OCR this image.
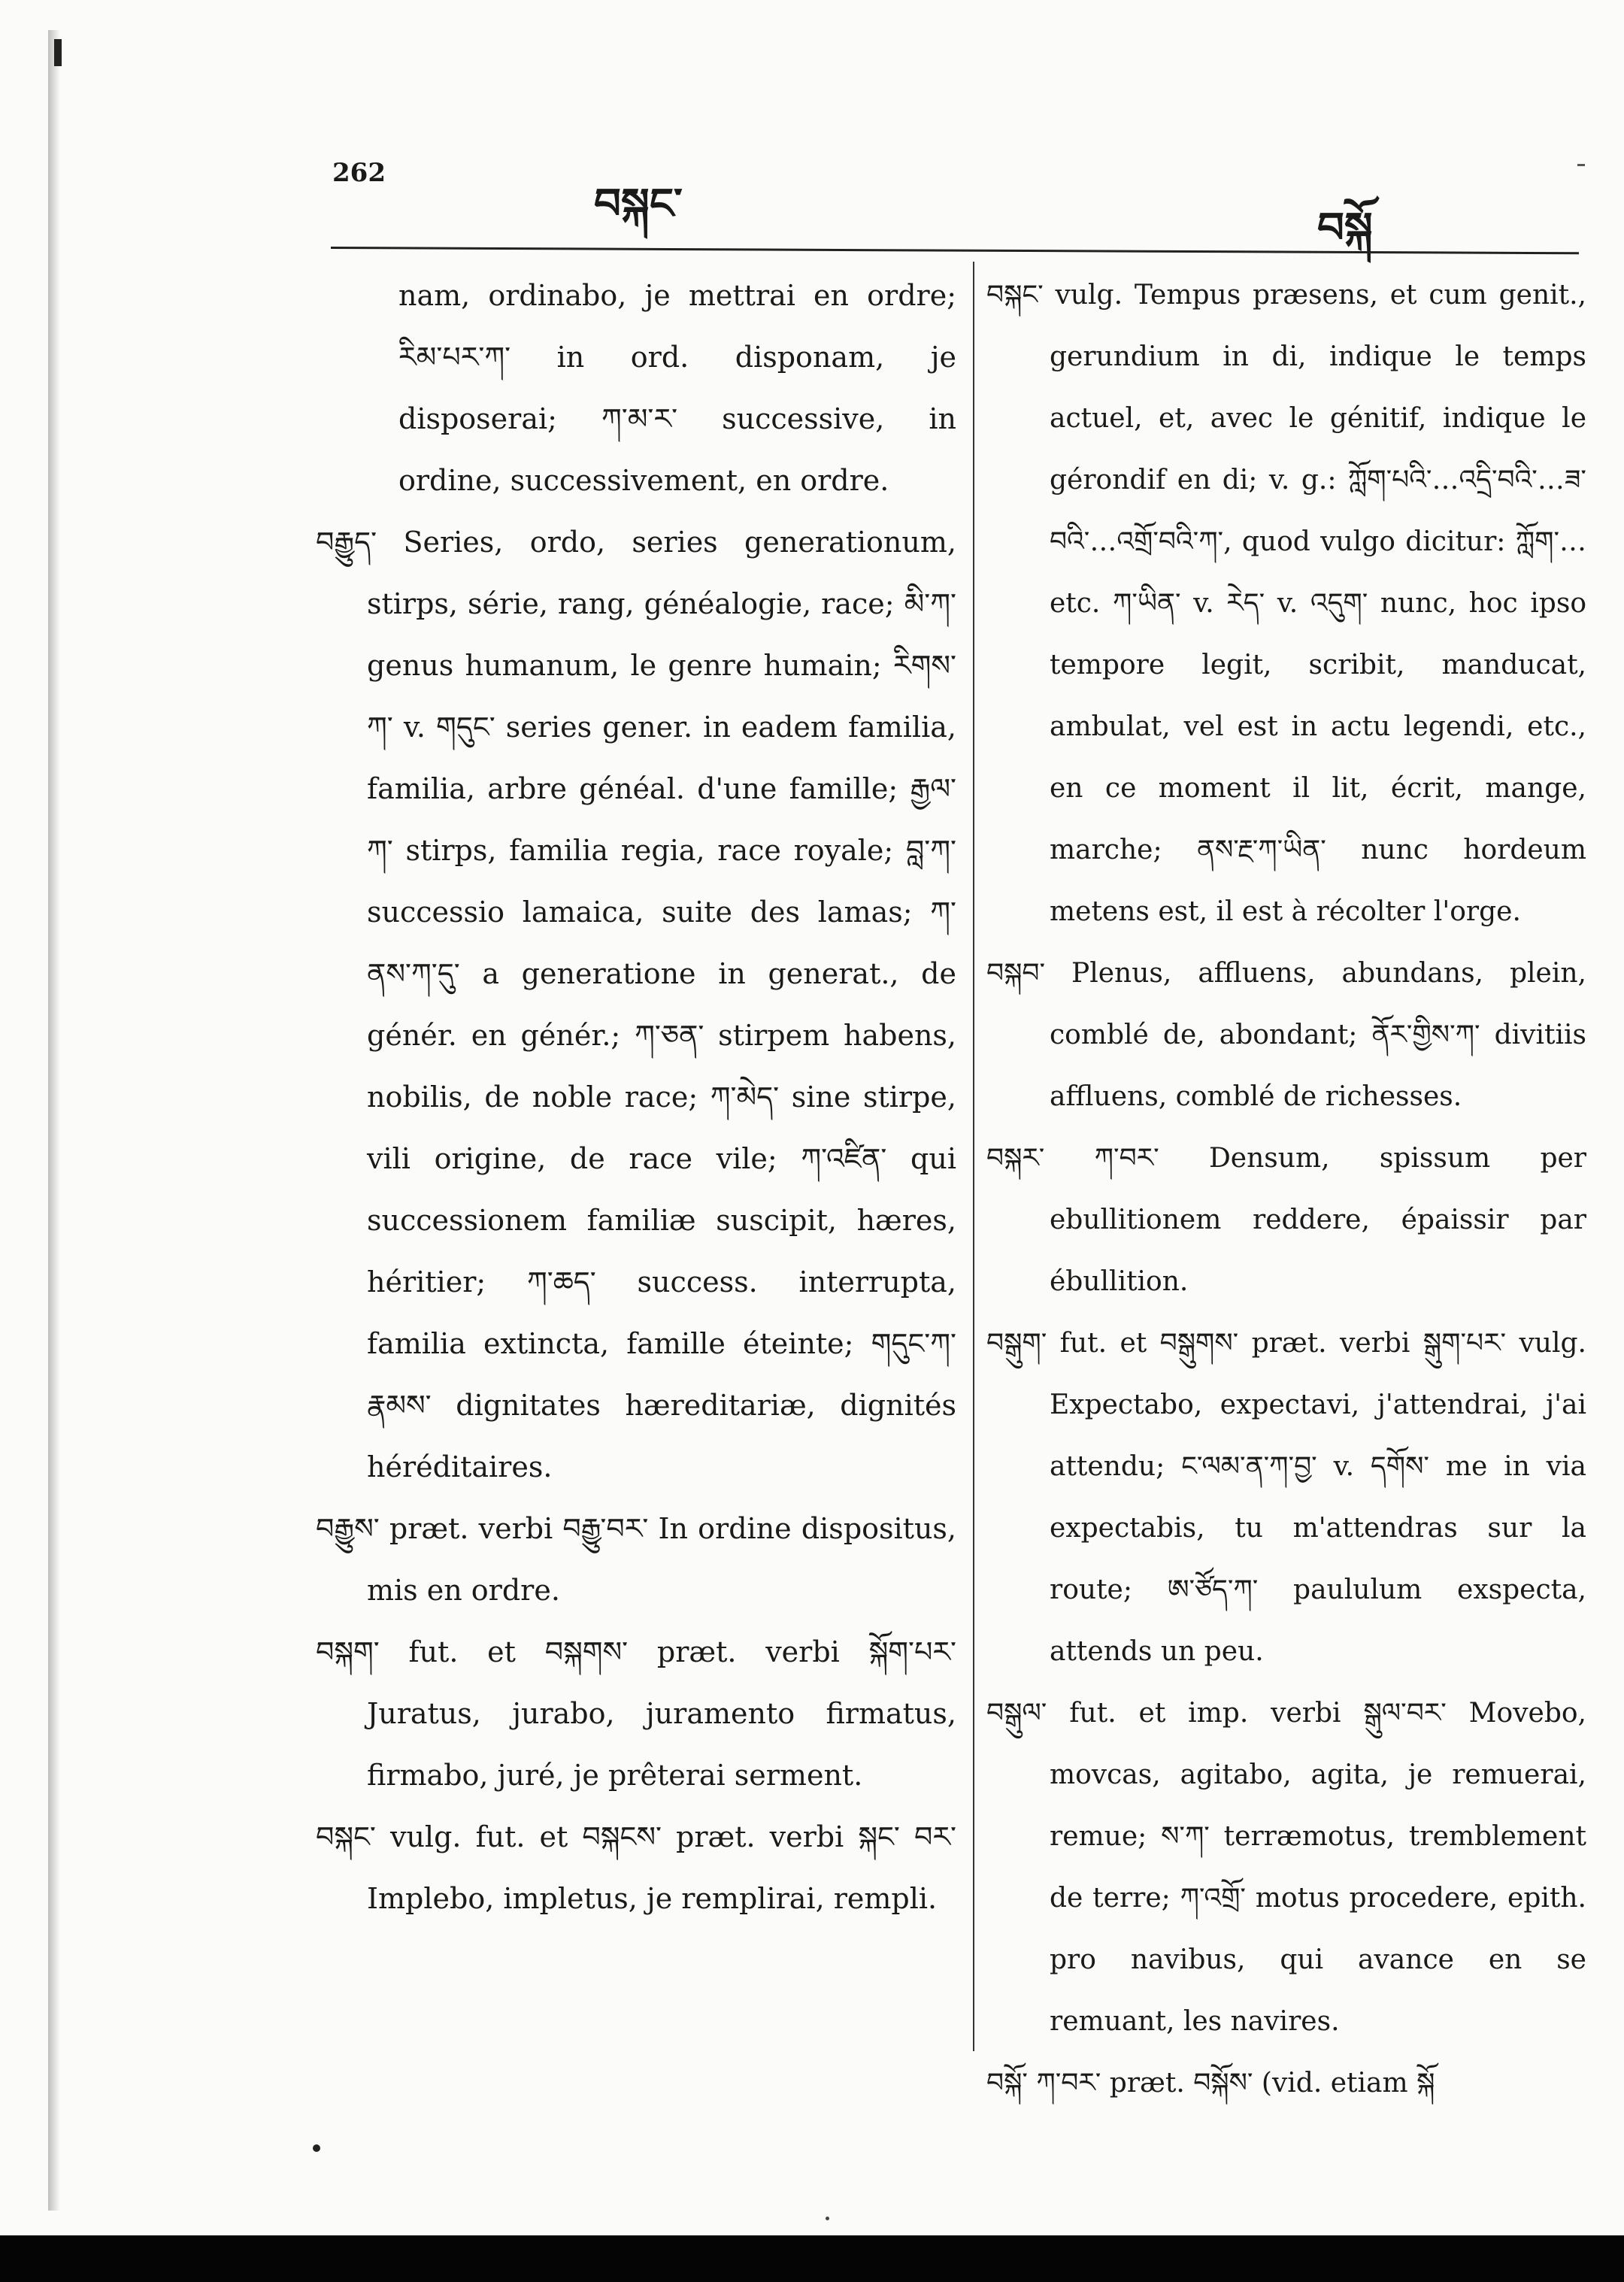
262
བསྐང་	བསྐོ

nam, ordinabo, je mettrai en ordre; རིམ་པར་ཀ་ in ord. disponam, je disposerai; ཀ་མ་ར་ successive, in ordine, successivement, en ordre.

བརྒྱུད་ Series, ordo, series generationum, stirps, série, rang, généalogie, race; མི་ཀ་ genus humanum, le genre humain; རིགས་ཀ་ v. གདུང་ series gener. in eadem familia, familia, arbre généal. d'une famille; རྒྱལ་ཀ་ stirps, familia regia, race royale; བླ་ཀ་ successio lamaica, suite des lamas; ཀ་ནས་ཀ་དུ་ a generatione in generat., de génér. en génér.; ཀ་ཅན་ stirpem habens, nobilis, de noble race; ཀ་མེད་ sine stirpe, vili origine, de race vile; ཀ་འཛིན་ qui successionem familiæ suscipit, hæres, héritier; ཀ་ཆད་ success. interrupta, familia extincta, famille éteinte; གདུང་ཀ་ རྣམས་ dignitates hæreditariæ, dignités héréditaires.

བརྒྱུས་ præt. verbi བརྒྱུ་བར་ In ordine dispositus, mis en ordre.

བསྐག་ fut. et བསྐགས་ præt. verbi སྐོག་པར་ Juratus, jurabo, juramento firmatus, firmabo, juré, je prêterai serment.

བསྐང་ vulg. fut. et བསྐངས་ præt. verbi སྐང་ བར་ Implebo, impletus, je remplirai, rempli.

བསྐང་ vulg. Tempus præsens, et cum genit., gerundium in di, indique le temps actuel, et, avec le génitif, indique le gérondif en di; v. g.: ཀློག་པའི་…འདྲི་བའི་…ཟ་བའི་…འགྲོ་བའི་ཀ་, quod vulgo dicitur: ཀློག་… etc. ཀ་ཡིན་ v. རེད་ v. འདུག་ nunc, hoc ipso tempore legit, scribit, manducat, ambulat, vel est in actu legendi, etc., en ce moment il lit, écrit, mange, marche; ནས་རྔ་ཀ་ཡིན་ nunc hordeum metens est, il est à récolter l'orge.

བསྐབ་ Plenus, affluens, abundans, plein, comblé de, abondant; ནོར་གྱིས་ཀ་ divitiis affluens, comblé de richesses.

བསྐར་ ཀ་བར་ Densum, spissum per ebullitionem reddere, épaissir par ébullition.

བསྒུག་ fut. et བསྒུགས་ præt. verbi སྒུག་པར་ vulg. Expectabo, expectavi, j'attendrai, j'ai attendu; ང་ལམ་ན་ཀ་བྱ་ v. དགོས་ me in via expectabis, tu m'attendras sur la route; ཨ་ཙོད་ཀ་ paululum exspecta, attends un peu.

བསྒུལ་ fut. et imp. verbi སྒུལ་བར་ Movebo, movcas, agitabo, agita, je remuerai, remue; ས་ཀ་ terræmotus, tremblement de terre; ཀ་འགྲོ་ motus procedere, epith. pro navibus, qui avance en se remuant, les navires.

བསྐོ་ ཀ་བར་ præt. བསྐོས་ (vid. etiam སྐོ
